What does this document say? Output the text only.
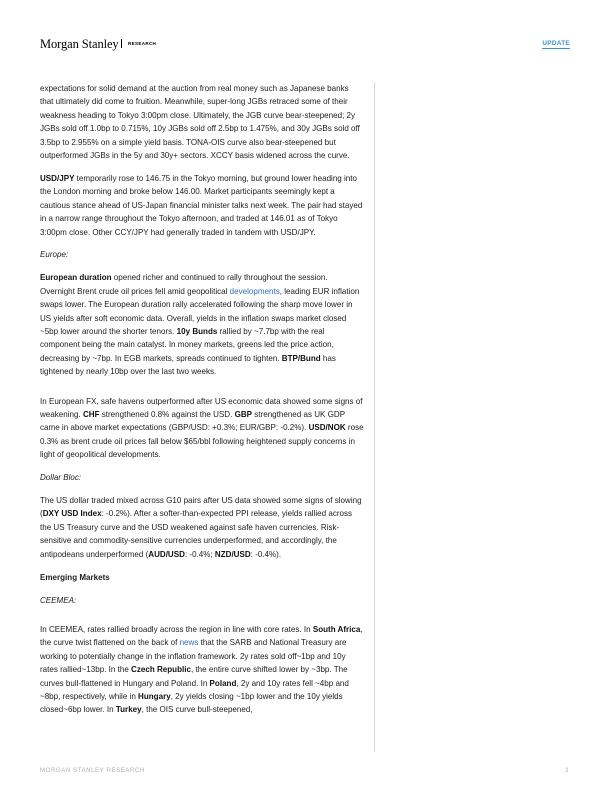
Morgan Stanley RESEARCH	UPDATE

expectations for solid demand at the auction from real money such as Japanese banks that ultimately did come to fruition. Meanwhile, super-long JGBs retraced some of their weakness heading to Tokyo 3:00pm close. Ultimately, the JGB curve bear-steepened; 2y JGBs sold off 1.0bp to 0.715%, 10y JGBs sold off 2.5bp to 1.475%, and 30y JGBs sold off 3.5bp to 2.955% on a simple yield basis. TONA-OIS curve also bear-steepened but outperformed JGBs in the 5y and 30y+ sectors. XCCY basis widened across the curve.

USD/JPY temporarily rose to 146.75 in the Tokyo morning, but ground lower heading into the London morning and broke below 146.00. Market participants seemingly kept a cautious stance ahead of US-Japan financial minister talks next week. The pair had stayed in a narrow range throughout the Tokyo afternoon, and traded at 146.01 as of Tokyo 3:00pm close. Other CCY/JPY had generally traded in tandem with USD/JPY.

Europe:

European duration opened richer and continued to rally throughout the session. Overnight Brent crude oil prices fell amid geopolitical developments, leading EUR inflation swaps lower. The European duration rally accelerated following the sharp move lower in US yields after soft economic data. Overall, yields in the inflation swaps market closed ~5bp lower around the shorter tenors. 10y Bunds rallied by ~7.7bp with the real component being the main catalyst. In money markets, greens led the price action, decreasing by ~7bp. In EGB markets, spreads continued to tighten. BTP/Bund has tightened by nearly 10bp over the last two weeks.

In European FX, safe havens outperformed after US economic data showed some signs of weakening. CHF strengthened 0.8% against the USD. GBP strengthened as UK GDP came in above market expectations (GBP/USD: +0.3%; EUR/GBP: -0.2%). USD/NOK rose 0.3% as brent crude oil prices fall below $65/bbl following heightened supply concerns in light of geopolitical developments.

Dollar Bloc:

The US dollar traded mixed across G10 pairs after US data showed some signs of slowing (DXY USD Index: -0.2%). After a softer-than-expected PPI release, yields rallied across the US Treasury curve and the USD weakened against safe haven currencies. Risk-sensitive and commodity-sensitive currencies underperformed, and accordingly, the antipodeans underperformed (AUD/USD: -0.4%; NZD/USD: -0.4%).

Emerging Markets

CEEMEA:

In CEEMEA, rates rallied broadly across the region in line with core rates. In South Africa, the curve twist flattened on the back of news that the SARB and National Treasury are working to potentially change in the inflation framework. 2y rates sold off~1bp and 10y rates rallied~13bp. In the Czech Republic, the entire curve shifted lower by ~3bp. The curves bull-flattened in Hungary and Poland. In Poland, 2y and 10y rates fell ~4bp and ~8bp, respectively, while in Hungary, 2y yields closing ~1bp lower and the 10y yields closed~6bp lower. In Turkey, the OIS curve bull-steepened,

MORGAN STANLEY RESEARCH	3
